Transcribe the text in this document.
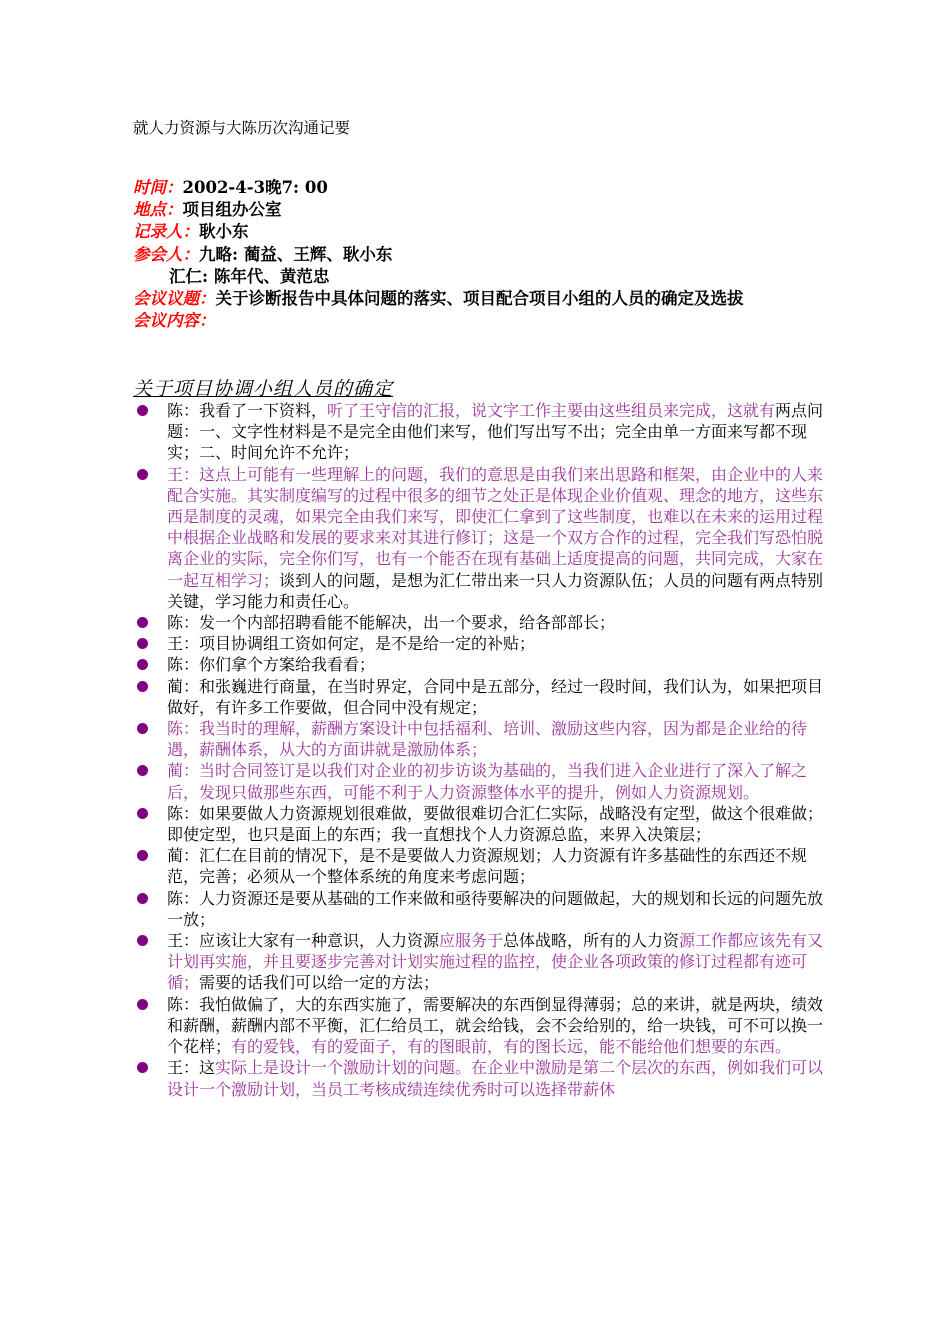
就人力资源与大陈历次沟通记要
时间：2002-4-3晚7: 00
地点：项目组办公室
记录人：耿小东
参会人：九略: 蔺益、王辉、耿小东
汇仁: 陈年代、黄范忠
会议议题：关于诊断报告中具体问题的落实、项目配合项目小组的人员的确定及选拔
会议内容：
关于项目协调小组人员的确定
陈：我看了一下资料，听了王守信的汇报，说文字工作主要由这些组员来完成，这就有两点问题：一、文字性材料是不是完全由他们来写，他们写出写不出；完全由单一方面来写都不现实；二、时间允许不允许；
王：这点上可能有一些理解上的问题，我们的意思是由我们来出思路和框架，由企业中的人来配合实施。其实制度编写的过程中很多的细节之处正是体现企业价值观、理念的地方，这些东西是制度的灵魂，如果完全由我们来写，即使汇仁拿到了这些制度，也难以在未来的运用过程中根据企业战略和发展的要求来对其进行修订；这是一个双方合作的过程，完全我们写恐怕脱离企业的实际，完全你们写，也有一个能否在现有基础上适度提高的问题，共同完成，大家在一起互相学习；谈到人的问题，是想为汇仁带出来一只人力资源队伍；人员的问题有两点特别关键，学习能力和责任心。
陈：发一个内部招聘看能不能解决，出一个要求，给各部部长；
王：项目协调组工资如何定，是不是给一定的补贴；
陈：你们拿个方案给我看看；
蔺：和张巍进行商量，在当时界定，合同中是五部分，经过一段时间，我们认为，如果把项目做好，有许多工作要做，但合同中没有规定；
陈：我当时的理解，薪酬方案设计中包括福利、培训、激励这些内容，因为都是企业给的待遇，薪酬体系，从大的方面讲就是激励体系；
蔺：当时合同签订是以我们对企业的初步访谈为基础的，当我们进入企业进行了深入了解之后，发现只做那些东西，可能不利于人力资源整体水平的提升，例如人力资源规划。
陈：如果要做人力资源规划很难做，要做很难切合汇仁实际，战略没有定型，做这个很难做；即使定型，也只是面上的东西；我一直想找个人力资源总监，来界入决策层；
蔺：汇仁在目前的情况下，是不是要做人力资源规划；人力资源有许多基础性的东西还不规范，完善；必须从一个整体系统的角度来考虑问题；
陈：人力资源还是要从基础的工作来做和亟待要解决的问题做起，大的规划和长远的问题先放一放；
王：应该让大家有一种意识，人力资源应服务于总体战略，所有的人力资源工作都应该先有又计划再实施，并且要逐步完善对计划实施过程的监控，使企业各项政策的修订过程都有迹可循；需要的话我们可以给一定的方法；
陈：我怕做偏了，大的东西实施了，需要解决的东西倒显得薄弱；总的来讲，就是两块，绩效和薪酬，薪酬内部不平衡，汇仁给员工，就会给钱，会不会给别的，给一块钱，可不可以换一个花样；有的爱钱，有的爱面子，有的图眼前，有的图长远，能不能给他们想要的东西。
王：这实际上是设计一个激励计划的问题。在企业中激励是第二个层次的东西，例如我们可以设计一个激励计划，当员工考核成绩连续优秀时可以选择带薪休
